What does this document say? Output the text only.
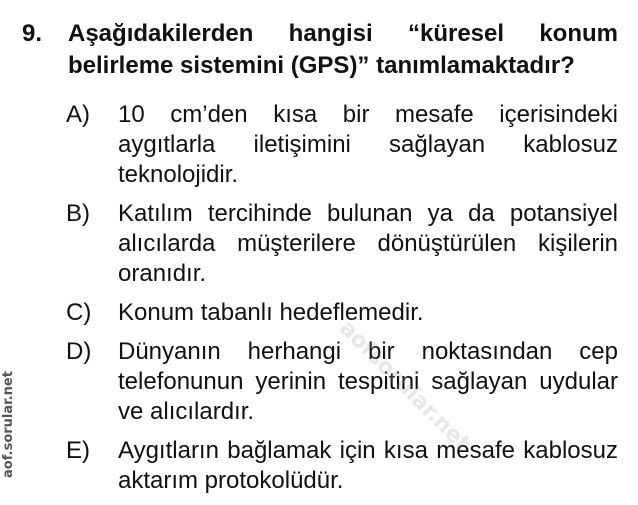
9. Aşağıdakilerden hangisi “küresel konum belirleme sistemini (GPS)” tanımlamaktadır?
A) 10 cm’den kısa bir mesafe içerisindeki aygıtlarla iletişimini sağlayan kablosuz teknolojidir.
B) Katılım tercihinde bulunan ya da potansiyel alıcılarda müşterilere dönüştürülen kişilerin oranıdır.
C) Konum tabanlı hedeflemedir.
D) Dünyanın herhangi bir noktasından cep telefonunun yerinin tespitini sağlayan uydular ve alıcılardır.
E) Aygıtların bağlamak için kısa mesafe kablosuz aktarım protokolüdür.
aof.sorular.net	aofsorular.net
